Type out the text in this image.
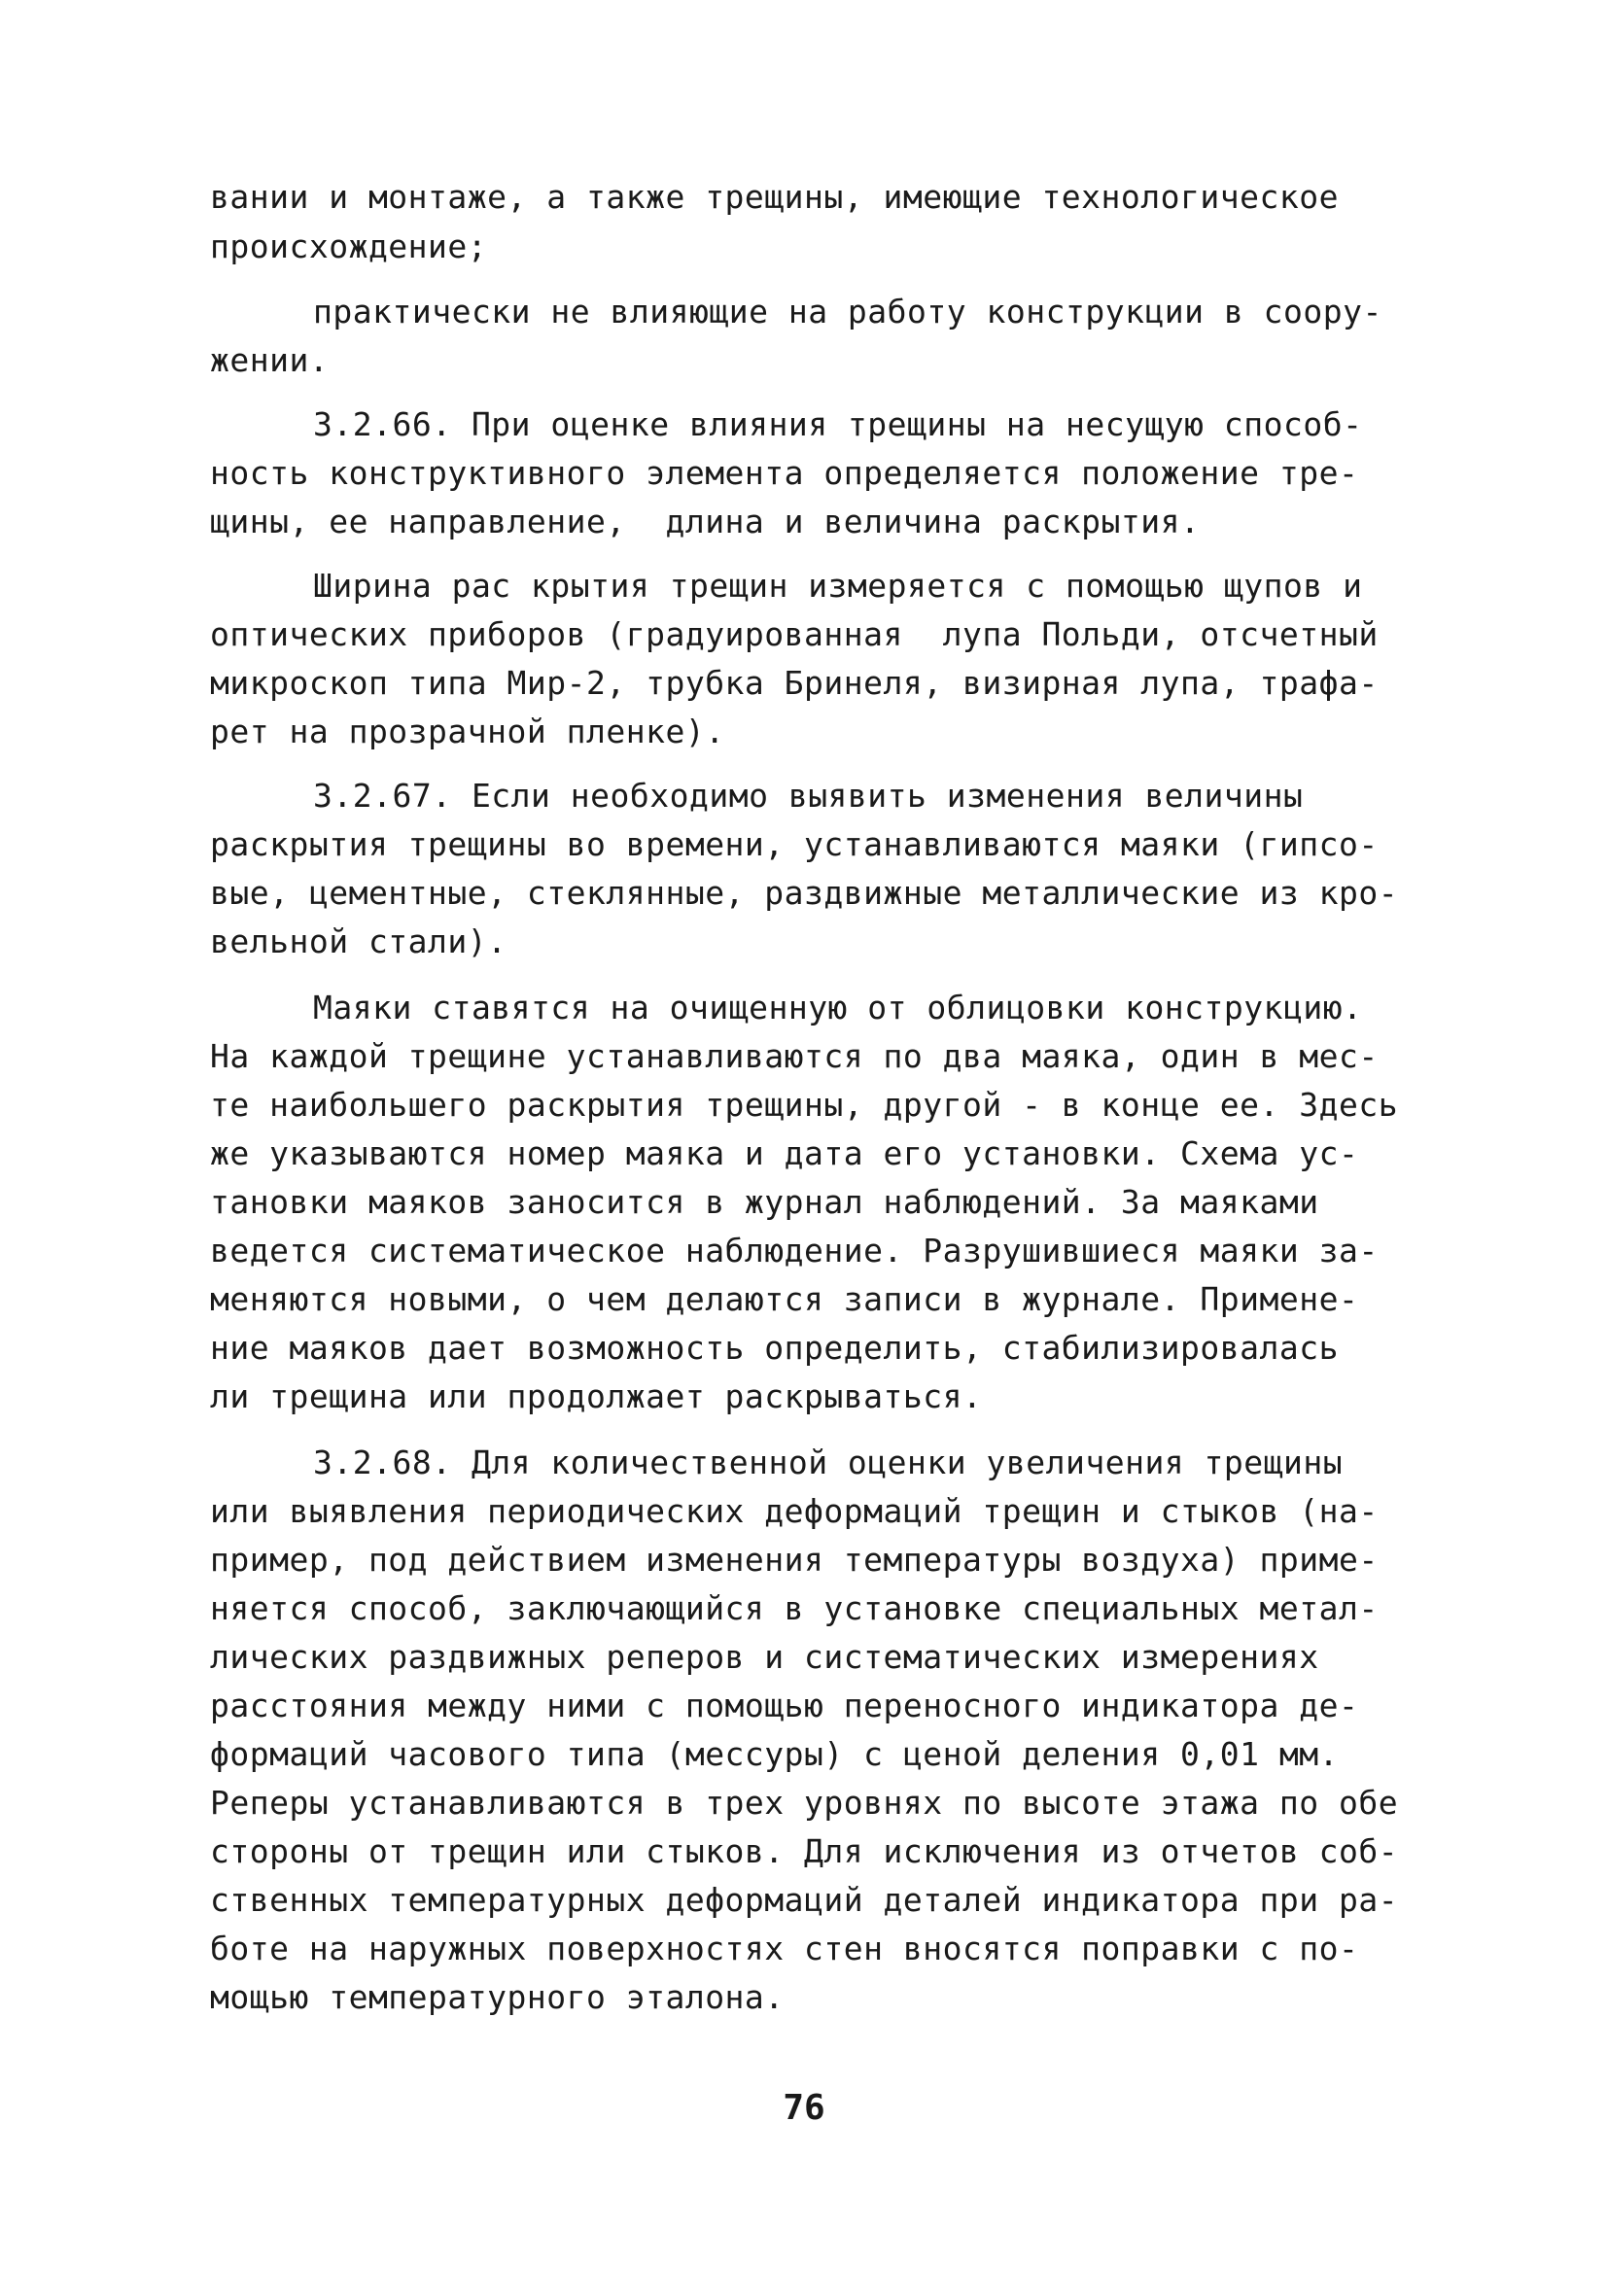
вании и монтаже, а также трещины, имеющие технологическое
происхождение;
практически не влияющие на работу конструкции в соору-
жении.
3.2.66. При оценке влияния трещины на несущую способ-
ность конструктивного элемента определяется положение тре-
щины, ее направление,  длина и величина раскрытия.
Ширина рас крытия трещин измеряется с помощью щупов и
оптических приборов (градуированная  лупа Польди, отсчетный
микроскоп типа Мир-2, трубка Бринеля, визирная лупа, трафа-
рет на прозрачной пленке).
3.2.67. Если необходимо выявить изменения величины
раскрытия трещины во времени, устанавливаются маяки (гипсо-
вые, цементные, стеклянные, раздвижные металлические из кро-
вельной стали).
Маяки ставятся на очищенную от облицовки конструкцию.
На каждой трещине устанавливаются по два маяка, один в мес-
те наибольшего раскрытия трещины, другой - в конце ее. Здесь
же указываются номер маяка и дата его установки. Схема ус-
тановки маяков заносится в журнал наблюдений. За маяками
ведется систематическое наблюдение. Разрушившиеся маяки за-
меняются новыми, о чем делаются записи в журнале. Примене-
ние маяков дает возможность определить, стабилизировалась
ли трещина или продолжает раскрываться.
3.2.68. Для количественной оценки увеличения трещины
или выявления периодических деформаций трещин и стыков (на-
пример, под действием изменения температуры воздуха) приме-
няется способ, заключающийся в установке специальных метал-
лических раздвижных реперов и систематических измерениях
расстояния между ними с помощью переносного индикатора де-
формаций часового типа (мессуры) с ценой деления 0,01 мм.
Реперы устанавливаются в трех уровнях по высоте этажа по обе
стороны от трещин или стыков. Для исключения из отчетов соб-
ственных температурных деформаций деталей индикатора при ра-
боте на наружных поверхностях стен вносятся поправки с по-
мощью температурного эталона.
76
